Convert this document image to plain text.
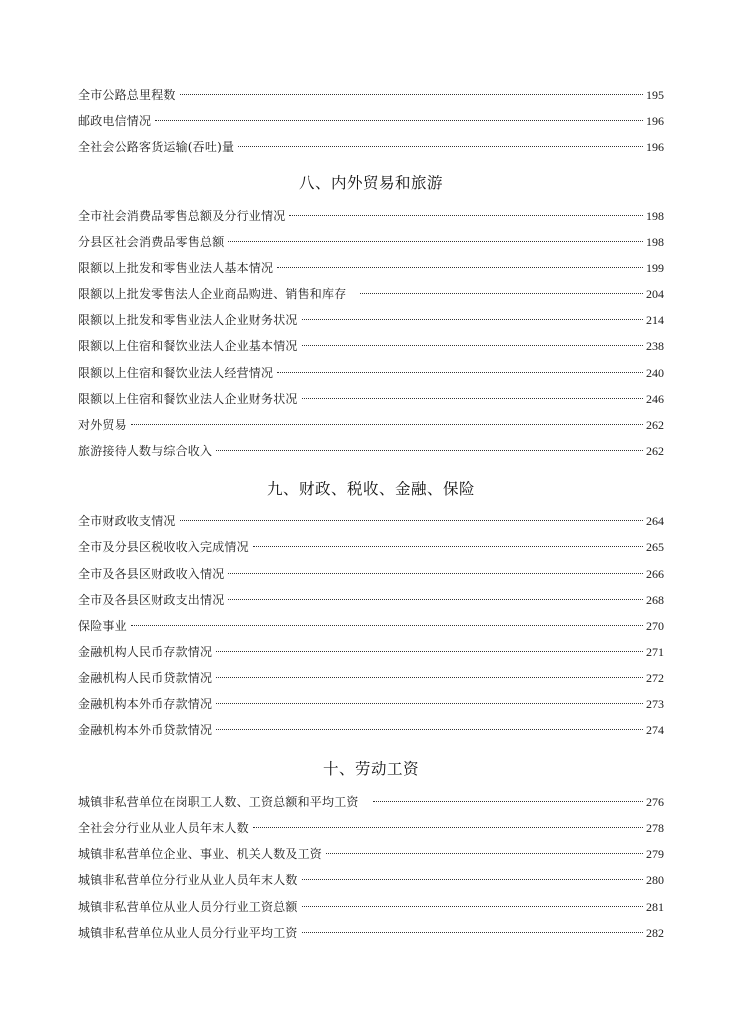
全市公路总里程数	195
邮政电信情况	196
全社会公路客货运输(吞吐)量	196
八、内外贸易和旅游
全市社会消费品零售总额及分行业情况	198
分县区社会消费品零售总额	198
限额以上批发和零售业法人基本情况	199
限额以上批发零售法人企业商品购进、销售和库存	204
限额以上批发和零售业法人企业财务状况	214
限额以上住宿和餐饮业法人企业基本情况	238
限额以上住宿和餐饮业法人经营情况	240
限额以上住宿和餐饮业法人企业财务状况	246
对外贸易	262
旅游接待人数与综合收入	262
九、财政、税收、金融、保险
全市财政收支情况	264
全市及分县区税收收入完成情况	265
全市及各县区财政收入情况	266
全市及各县区财政支出情况	268
保险事业	270
金融机构人民币存款情况	271
金融机构人民币贷款情况	272
金融机构本外币存款情况	273
金融机构本外币贷款情况	274
十、劳动工资
城镇非私营单位在岗职工人数、工资总额和平均工资	276
全社会分行业从业人员年末人数	278
城镇非私营单位企业、事业、机关人数及工资	279
城镇非私营单位分行业从业人员年末人数	280
城镇非私营单位从业人员分行业工资总额	281
城镇非私营单位从业人员分行业平均工资	282
